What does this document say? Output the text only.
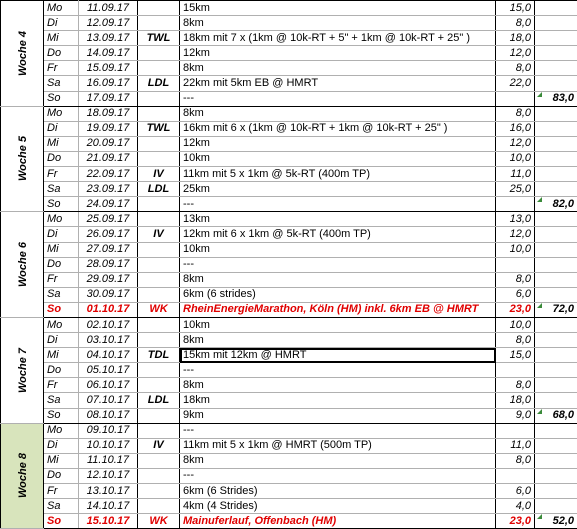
Woche 4	Mo	11.09.17		15km	15,0	
	Di	12.09.17		8km	8,0	
	Mi	13.09.17	TWL	18km mit 7 x (1km @ 10k-RT + 5" + 1km @ 10k-RT + 25" )	18,0	
	Do	14.09.17		12km	12,0	
	Fr	15.09.17		8km	8,0	
	Sa	16.09.17	LDL	22km mit 5km EB @ HMRT	22,0	
	So	17.09.17		---		83,0
Woche 5	Mo	18.09.17		8km	8,0	
	Di	19.09.17	TWL	16km mit 6 x (1km @ 10k-RT + 1km @ 10k-RT + 25" )	16,0	
	Mi	20.09.17		12km	12,0	
	Do	21.09.17		10km	10,0	
	Fr	22.09.17	IV	11km mit 5 x 1km @ 5k-RT (400m TP)	11,0	
	Sa	23.09.17	LDL	25km	25,0	
	So	24.09.17		---		82,0
Woche 6	Mo	25.09.17		13km	13,0	
	Di	26.09.17	IV	12km mit 6 x 1km @ 5k-RT (400m TP)	12,0	
	Mi	27.09.17		10km	10,0	
	Do	28.09.17		---		
	Fr	29.09.17		8km	8,0	
	Sa	30.09.17		6km (6 strides)	6,0	
	So	01.10.17	WK	RheinEnergieMarathon, Köln (HM) inkl. 6km EB @ HMRT	23,0	72,0
Woche 7	Mo	02.10.17		10km	10,0	
	Di	03.10.17		8km	8,0	
	Mi	04.10.17	TDL	15km mit 12km @ HMRT	15,0	
	Do	05.10.17		---		
	Fr	06.10.17		8km	8,0	
	Sa	07.10.17	LDL	18km	18,0	
	So	08.10.17		9km	9,0	68,0
Woche 8	Mo	09.10.17		---		
	Di	10.10.17	IV	11km mit 5 x 1km @ HMRT (500m TP)	11,0	
	Mi	11.10.17		8km	8,0	
	Do	12.10.17		---		
	Fr	13.10.17		6km (6 Strides)	6,0	
	Sa	14.10.17		4km (4 Strides)	4,0	
	So	15.10.17	WK	Mainuferlauf, Offenbach (HM)	23,0	52,0
